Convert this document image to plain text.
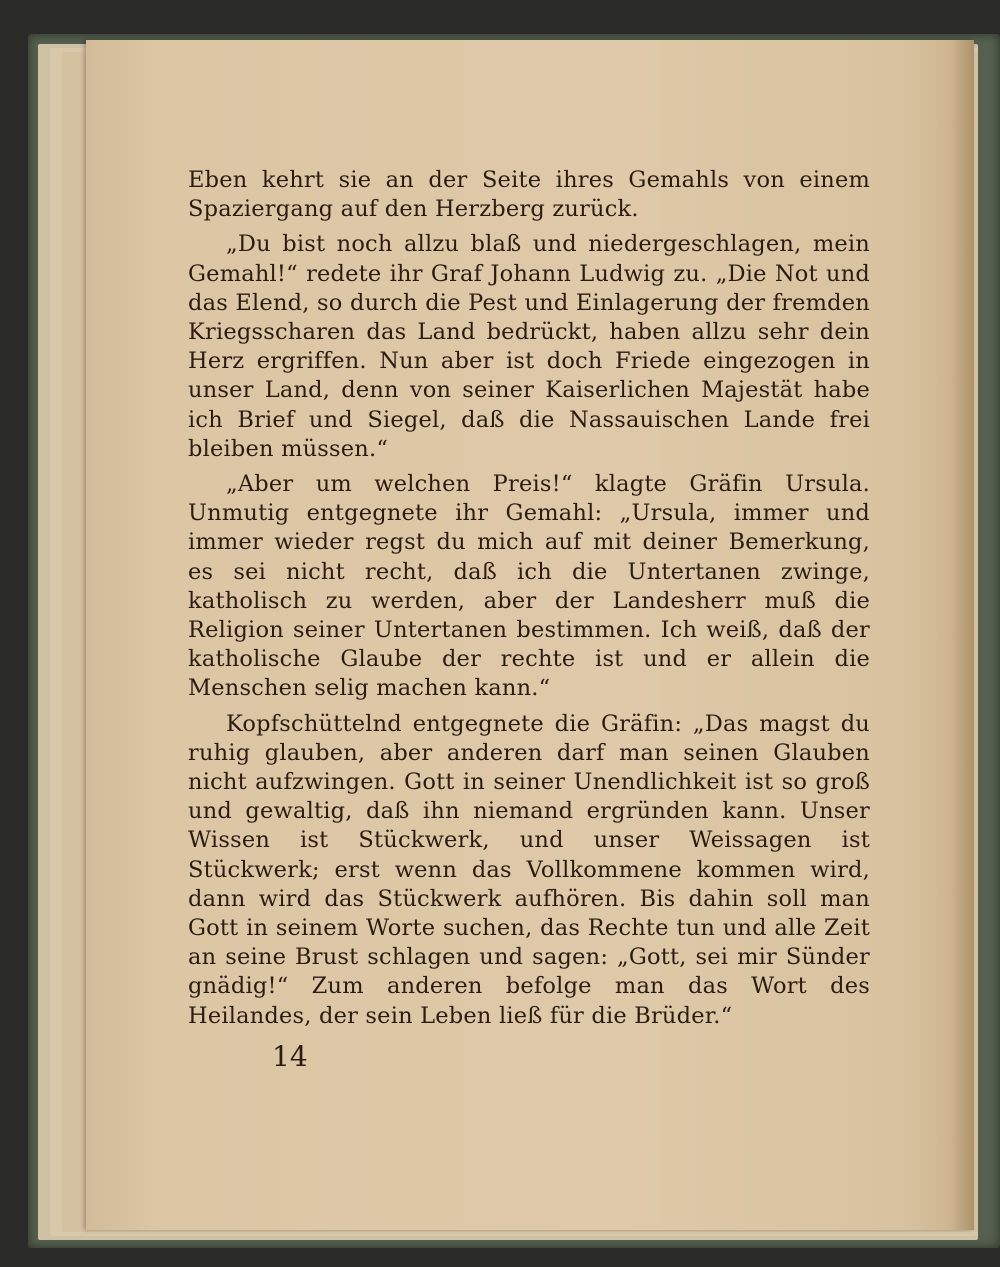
Eben kehrt sie an der Seite ihres Gemahls von einem Spaziergang auf den Herzberg zurück.

„Du bist noch allzu blaß und niedergeschlagen, mein Gemahl!“ redete ihr Graf Johann Ludwig zu. „Die Not und das Elend, so durch die Pest und Einlagerung der fremden Kriegsscharen das Land bedrückt, haben allzu sehr dein Herz ergriffen. Nun aber ist doch Friede eingezogen in unser Land, denn von seiner Kaiserlichen Majestät habe ich Brief und Siegel, daß die Nassauischen Lande frei bleiben müssen.“

„Aber um welchen Preis!“ klagte Gräfin Ursula. Unmutig entgegnete ihr Gemahl: „Ursula, immer und immer wieder regst du mich auf mit deiner Bemerkung, es sei nicht recht, daß ich die Untertanen zwinge, katholisch zu werden, aber der Landesherr muß die Religion seiner Untertanen bestimmen. Ich weiß, daß der katholische Glaube der rechte ist und er allein die Menschen selig machen kann.“

Kopfschüttelnd entgegnete die Gräfin: „Das magst du ruhig glauben, aber anderen darf man seinen Glauben nicht aufzwingen. Gott in seiner Unendlichkeit ist so groß und gewaltig, daß ihn niemand ergründen kann. Unser Wissen ist Stückwerk, und unser Weissagen ist Stückwerk; erst wenn das Vollkommene kommen wird, dann wird das Stückwerk aufhören. Bis dahin soll man Gott in seinem Worte suchen, das Rechte tun und alle Zeit an seine Brust schlagen und sagen: „Gott, sei mir Sünder gnädig!“ Zum anderen befolge man das Wort des Heilandes, der sein Leben ließ für die Brüder.“

14
